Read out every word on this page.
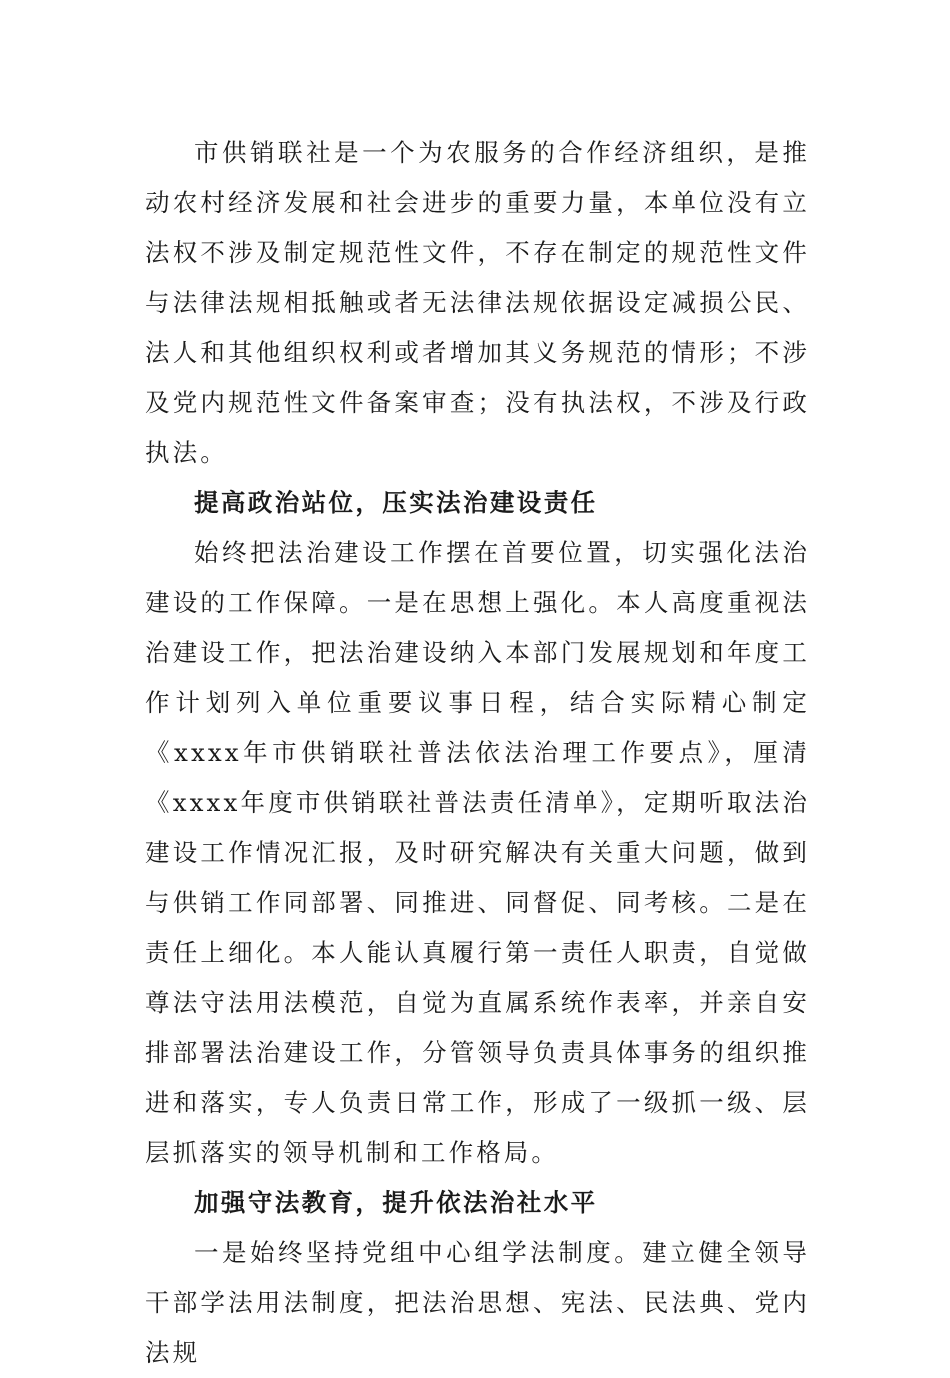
市供销联社是一个为农服务的合作经济组织，是推动农村经济发展和社会进步的重要力量，本单位没有立法权不涉及制定规范性文件，不存在制定的规范性文件与法律法规相抵触或者无法律法规依据设定减损公民、法人和其他组织权利或者增加其义务规范的情形；不涉及党内规范性文件备案审查；没有执法权，不涉及行政执法。

提高政治站位，压实法治建设责任

始终把法治建设工作摆在首要位置，切实强化法治建设的工作保障。一是在思想上强化。本人高度重视法治建设工作，把法治建设纳入本部门发展规划和年度工作计划列入单位重要议事日程，结合实际精心制定《xxxx年市供销联社普法依法治理工作要点》，厘清《xxxx年度市供销联社普法责任清单》，定期听取法治建设工作情况汇报，及时研究解决有关重大问题，做到与供销工作同部署、同推进、同督促、同考核。二是在责任上细化。本人能认真履行第一责任人职责，自觉做尊法守法用法模范，自觉为直属系统作表率，并亲自安排部署法治建设工作，分管领导负责具体事务的组织推进和落实，专人负责日常工作，形成了一级抓一级、层层抓落实的领导机制和工作格局。

加强守法教育，提升依法治社水平

一是始终坚持党组中心组学法制度。建立健全领导干部学法用法制度，把法治思想、宪法、民法典、党内法规
